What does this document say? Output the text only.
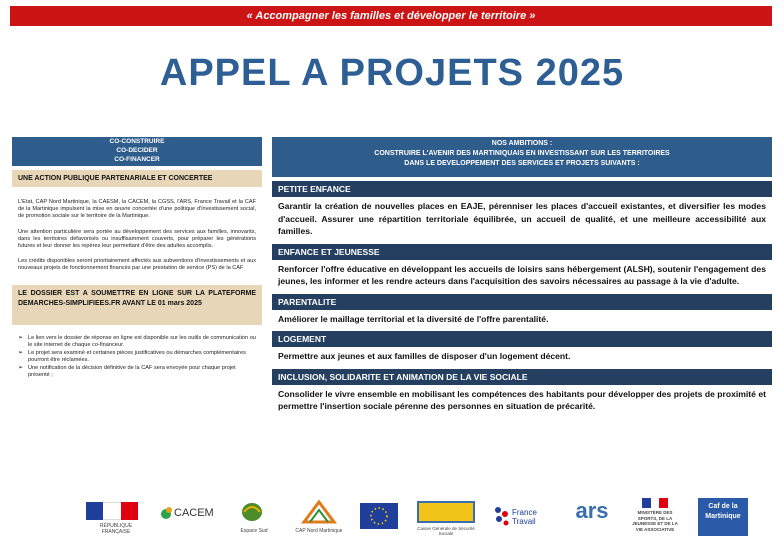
« Accompagner les familles et développer le territoire »
APPEL A PROJETS 2025
CO-CONSTRUIRE
CO-DECIDER
CO-FINANCER
UNE ACTION PUBLIQUE PARTENARIALE ET CONCERTEE
L'Etat, CAP Nord Martinique, la CAESM, la CACEM, la CGSS, l'ARS, France Travail et la CAF de la Martinique impulsent la mise en œuvre concertée d'une politique d'investissement social, de promotion sociale sur le territoire de la Martinique.
Une attention particulière sera portée au développement des services aux familles, innovants, dans les territoires défavorisés ou insuffisamment couverts, pour préparer les générations futures et leur donner les repères leur permettant d'être des adultes accomplis.
Les crédits disponibles seront prioritairement affectés aux subventions d'investissements et aux nouveaux projets de fonctionnement financés par une prestation de service (PS) de la CAF
LE DOSSIER EST A SOUMETTRE EN LIGNE SUR LA PLATEFORME DEMARCHES-SIMPLIFIEES.FR AVANT LE 01 mars 2025
➢ Le lien vers le dossier de réponse en ligne est disponible sur les outils de communication ou le site internet de chaque co-financeur.
➢ Le projet sera examiné et certaines pièces justificatives ou démarches complémentaires pourront être réclamées.
➢ Une notification de la décision définitive de la CAF sera envoyée pour chaque projet présenté ;
NOS AMBITIONS :
CONSTRUIRE L'AVENIR DES MARTINIQUAIS EN INVESTISSANT SUR LES TERRITOIRES
DANS LE DEVELOPPEMENT DES SERVICES ET PROJETS SUIVANTS :
PETITE ENFANCE
Garantir la création de nouvelles places en EAJE, pérenniser les places d'accueil existantes, et diversifier les modes d'accueil. Assurer une répartition territoriale équilibrée, un accueil de qualité, et une meilleure accessibilité aux familles.
ENFANCE ET JEUNESSE
Renforcer l'offre éducative en développant les accueils de loisirs sans hébergement (ALSH), soutenir l'engagement des jeunes, les informer et les rendre acteurs dans l'acquisition des savoirs nécessaires au passage à la vie d'adulte.
PARENTALITE
Améliorer le maillage territorial et la diversité de l'offre parentalité.
LOGEMENT
Permettre aux jeunes et aux familles de disposer d'un logement décent.
INCLUSION, SOLIDARITE ET ANIMATION DE LA VIE SOCIALE
Consolider le vivre ensemble en mobilisant les compétences des habitants pour développer des projets de proximité et permettre l'insertion sociale pérenne des personnes en situation de précarité.
RÉPUBLIQUE FRANÇAISE
CACEM
Espace Sud	CAP Nord Martinique	Caisse Générale de Sécurité Sociale
France Travail	ars	MINISTÈRE DES SPORTS, DE LA JEUNESSE ET DE LA VIE ASSOCIATIVE
Caf de la Martinique
